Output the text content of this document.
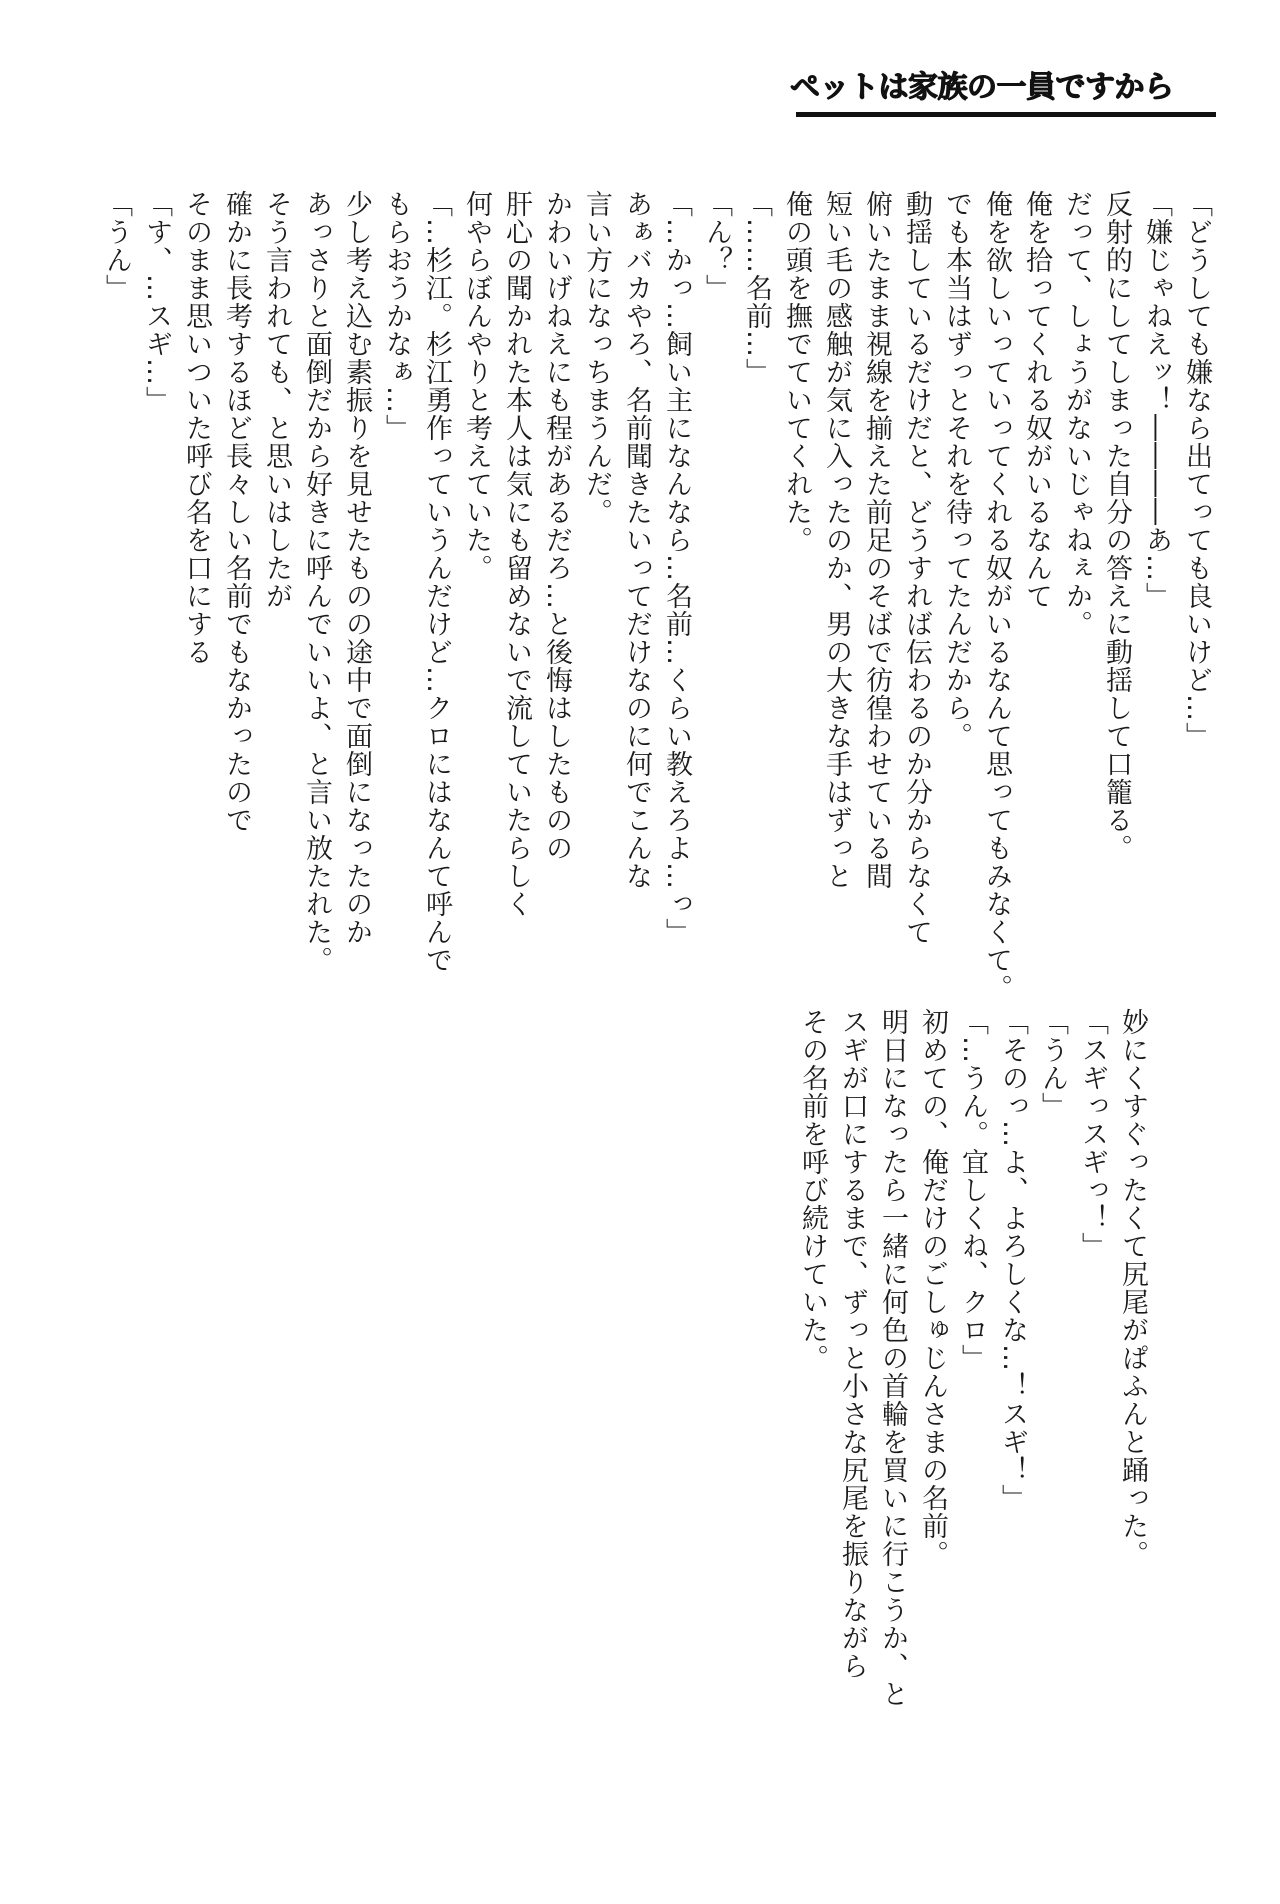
ペットは家族の一員ですから
「どうしても嫌なら出てっても良いけど…」
「嫌じゃねえッ！――――あ…」
反射的にしてしまった自分の答えに動揺して口籠る。
だって、しょうがないじゃねぇか。
俺を拾ってくれる奴がいるなんて
俺を欲しいっていってくれる奴がいるなんて思ってもみなくて。
でも本当はずっとそれを待ってたんだから。
動揺しているだけだと、どうすれば伝わるのか分からなくて
俯いたまま視線を揃えた前足のそばで彷徨わせている間
短い毛の感触が気に入ったのか、男の大きな手はずっと
俺の頭を撫でていてくれた。
「……名前…」
「ん？」
「…かっ…飼い主になんなら…名前…くらい教えろよ…っ」
あぁバカやろ、名前聞きたいってだけなのに何でこんな
言い方になっちまうんだ。
かわいげねえにも程があるだろ…と後悔はしたものの
肝心の聞かれた本人は気にも留めないで流していたらしく
何やらぼんやりと考えていた。
「…杉江。杉江勇作っていうんだけど…クロにはなんて呼んで
もらおうかなぁ…」
少し考え込む素振りを見せたものの途中で面倒になったのか
あっさりと面倒だから好きに呼んでいいよ、と言い放たれた。
そう言われても、と思いはしたが
確かに長考するほど長々しい名前でもなかったので
そのまま思いついた呼び名を口にする
「す、…スギ…」
「うん」
妙にくすぐったくて尻尾がぱふんと踊った。
「スギっスギっ！」
「うん」
「そのっ…よ、よろしくな…！スギ！」
「…うん。宜しくね、クロ」
初めての、俺だけのごしゅじんさまの名前。
明日になったら一緒に何色の首輪を買いに行こうか、と
スギが口にするまで、ずっと小さな尻尾を振りながら
その名前を呼び続けていた。
